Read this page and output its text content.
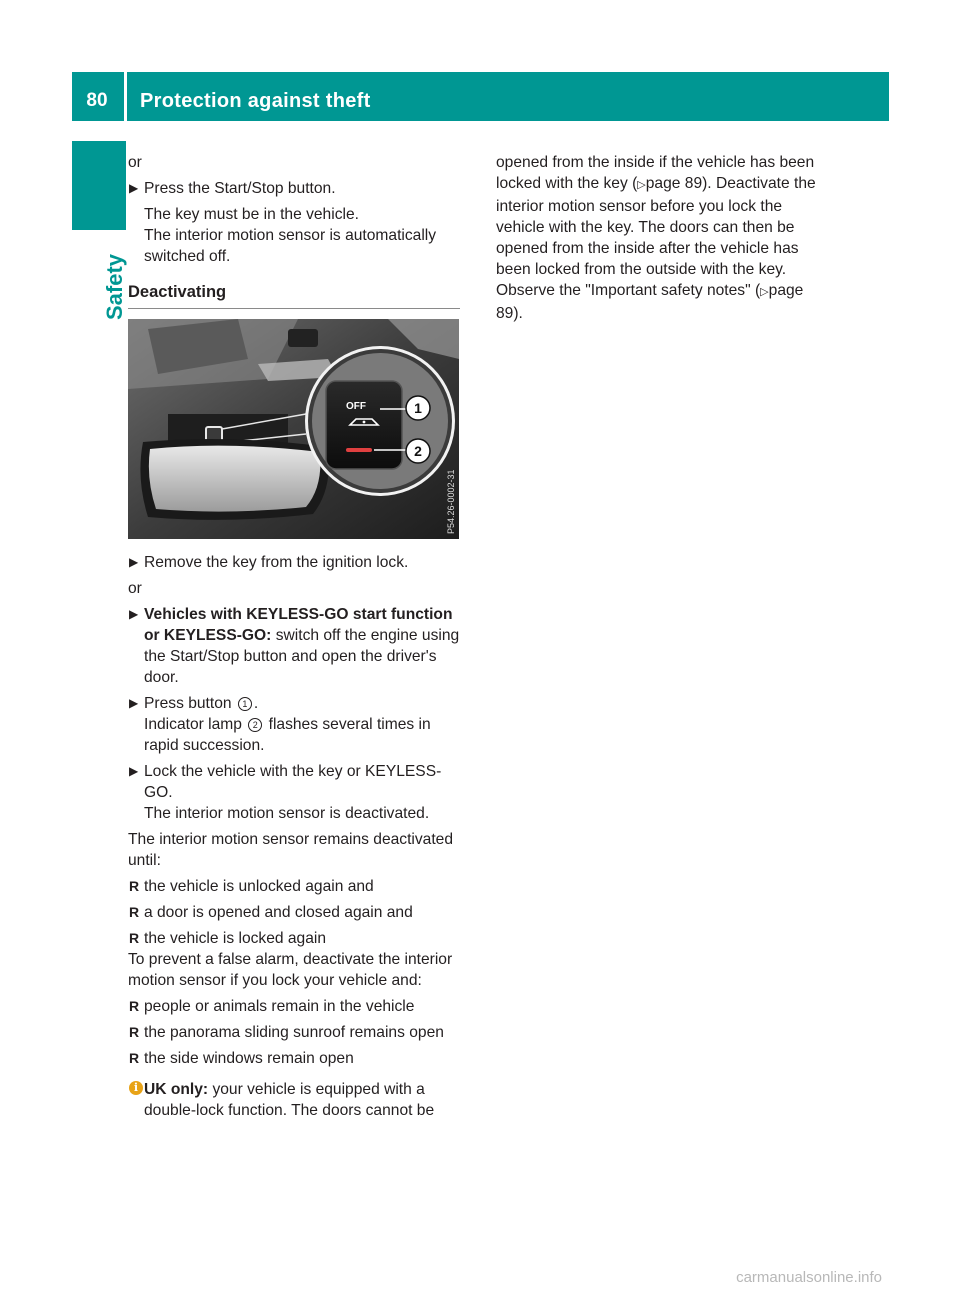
80	Protection against theft
Safety

or

▶ Press the Start/Stop button.

The key must be in the vehicle.

The interior motion sensor is automatically switched off.

Deactivating
OFF	1
2
P54.26-0002-31
▶ Remove the key from the ignition lock.

or

▶ Vehicles with KEYLESS-GO start function or KEYLESS-GO: switch off the engine using the Start/Stop button and open the driver's door.

▶ Press button 1 .

Indicator lamp 2 flashes several times in rapid succession.

▶ Lock the vehicle with the key or KEYLESS-GO.

The interior motion sensor is deactivated.

The interior motion sensor remains deactivated until:

R the vehicle is unlocked again and

R a door is opened and closed again and

R the vehicle is locked again

To prevent a false alarm, deactivate the interior motion sensor if you lock your vehicle and:

R people or animals remain in the vehicle

R the panorama sliding sunroof remains open

R the side windows remain open

i UK only: your vehicle is equipped with a double-lock function. The doors cannot be

opened from the inside if the vehicle has been locked with the key (▷page 89). Deactivate the interior motion sensor before you lock the vehicle with the key. The doors can then be opened from the inside after the vehicle has been locked from the outside with the key. Observe the "Important safety notes" (▷page 89).

carmanualsonline.info
